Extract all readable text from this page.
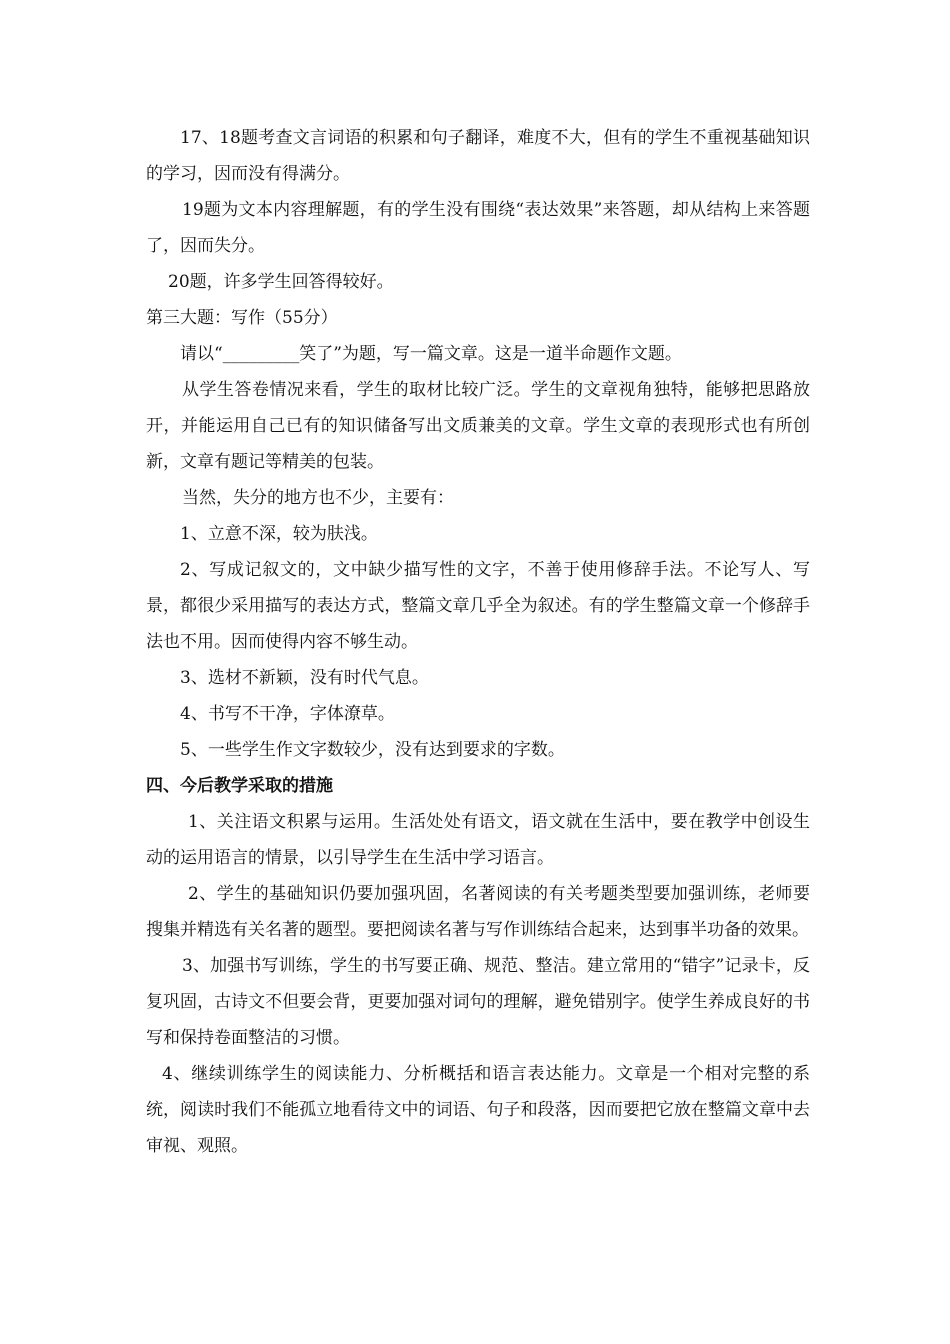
17、18题考查文言词语的积累和句子翻译，难度不大，但有的学生不重视基础知识的学习，因而没有得满分。

19题为文本内容理解题，有的学生没有围绕“表达效果”来答题，却从结构上来答题了，因而失分。

20题，许多学生回答得较好。

第三大题：写作（55分）

请以“_________笑了”为题，写一篇文章。这是一道半命题作文题。

从学生答卷情况来看，学生的取材比较广泛。学生的文章视角独特，能够把思路放开，并能运用自己已有的知识储备写出文质兼美的文章。学生文章的表现形式也有所创新，文章有题记等精美的包装。

当然，失分的地方也不少，主要有：

1、立意不深，较为肤浅。

2、写成记叙文的，文中缺少描写性的文字，不善于使用修辞手法。不论写人、写景，都很少采用描写的表达方式，整篇文章几乎全为叙述。有的学生整篇文章一个修辞手法也不用。因而使得内容不够生动。

3、选材不新颖，没有时代气息。

4、书写不干净，字体潦草。

5、一些学生作文字数较少，没有达到要求的字数。

四、今后教学采取的措施

1、关注语文积累与运用。生活处处有语文，语文就在生活中，要在教学中创设生动的运用语言的情景，以引导学生在生活中学习语言。

2、学生的基础知识仍要加强巩固，名著阅读的有关考题类型要加强训练，老师要搜集并精选有关名著的题型。要把阅读名著与写作训练结合起来，达到事半功备的效果。

3、加强书写训练，学生的书写要正确、规范、整洁。建立常用的“错字”记录卡，反复巩固，古诗文不但要会背，更要加强对词句的理解，避免错别字。使学生养成良好的书写和保持卷面整洁的习惯。

4、继续训练学生的阅读能力、分析概括和语言表达能力。文章是一个相对完整的系统，阅读时我们不能孤立地看待文中的词语、句子和段落，因而要把它放在整篇文章中去审视、观照。
